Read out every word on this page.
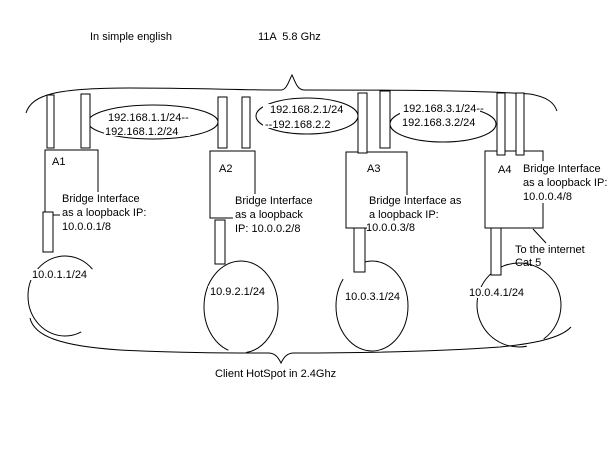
In simple english	11A  5.8 Ghz
A1
Bridge Interface
as a loopback IP:
10.0.0.1/8
10.0.1.1/24
A2
Bridge Interface
as a loopback
IP: 10.0.0.2/8
10.9.2.1/24
A3
Bridge Interface as
a loopback IP:
10.0.0.3/8
10.0.3.1/24
A4 Bridge Interface
as a loopback IP:
10.0.0.4/8
10.0.4.1/24
To the internet
Cat 5
192.168.1.1/24--
192.168.1.2/24
192.168.2.1/24
--192.168.2.2
192.168.3.1/24--
192.168.3.2/24
Client HotSpot in 2.4Ghz
